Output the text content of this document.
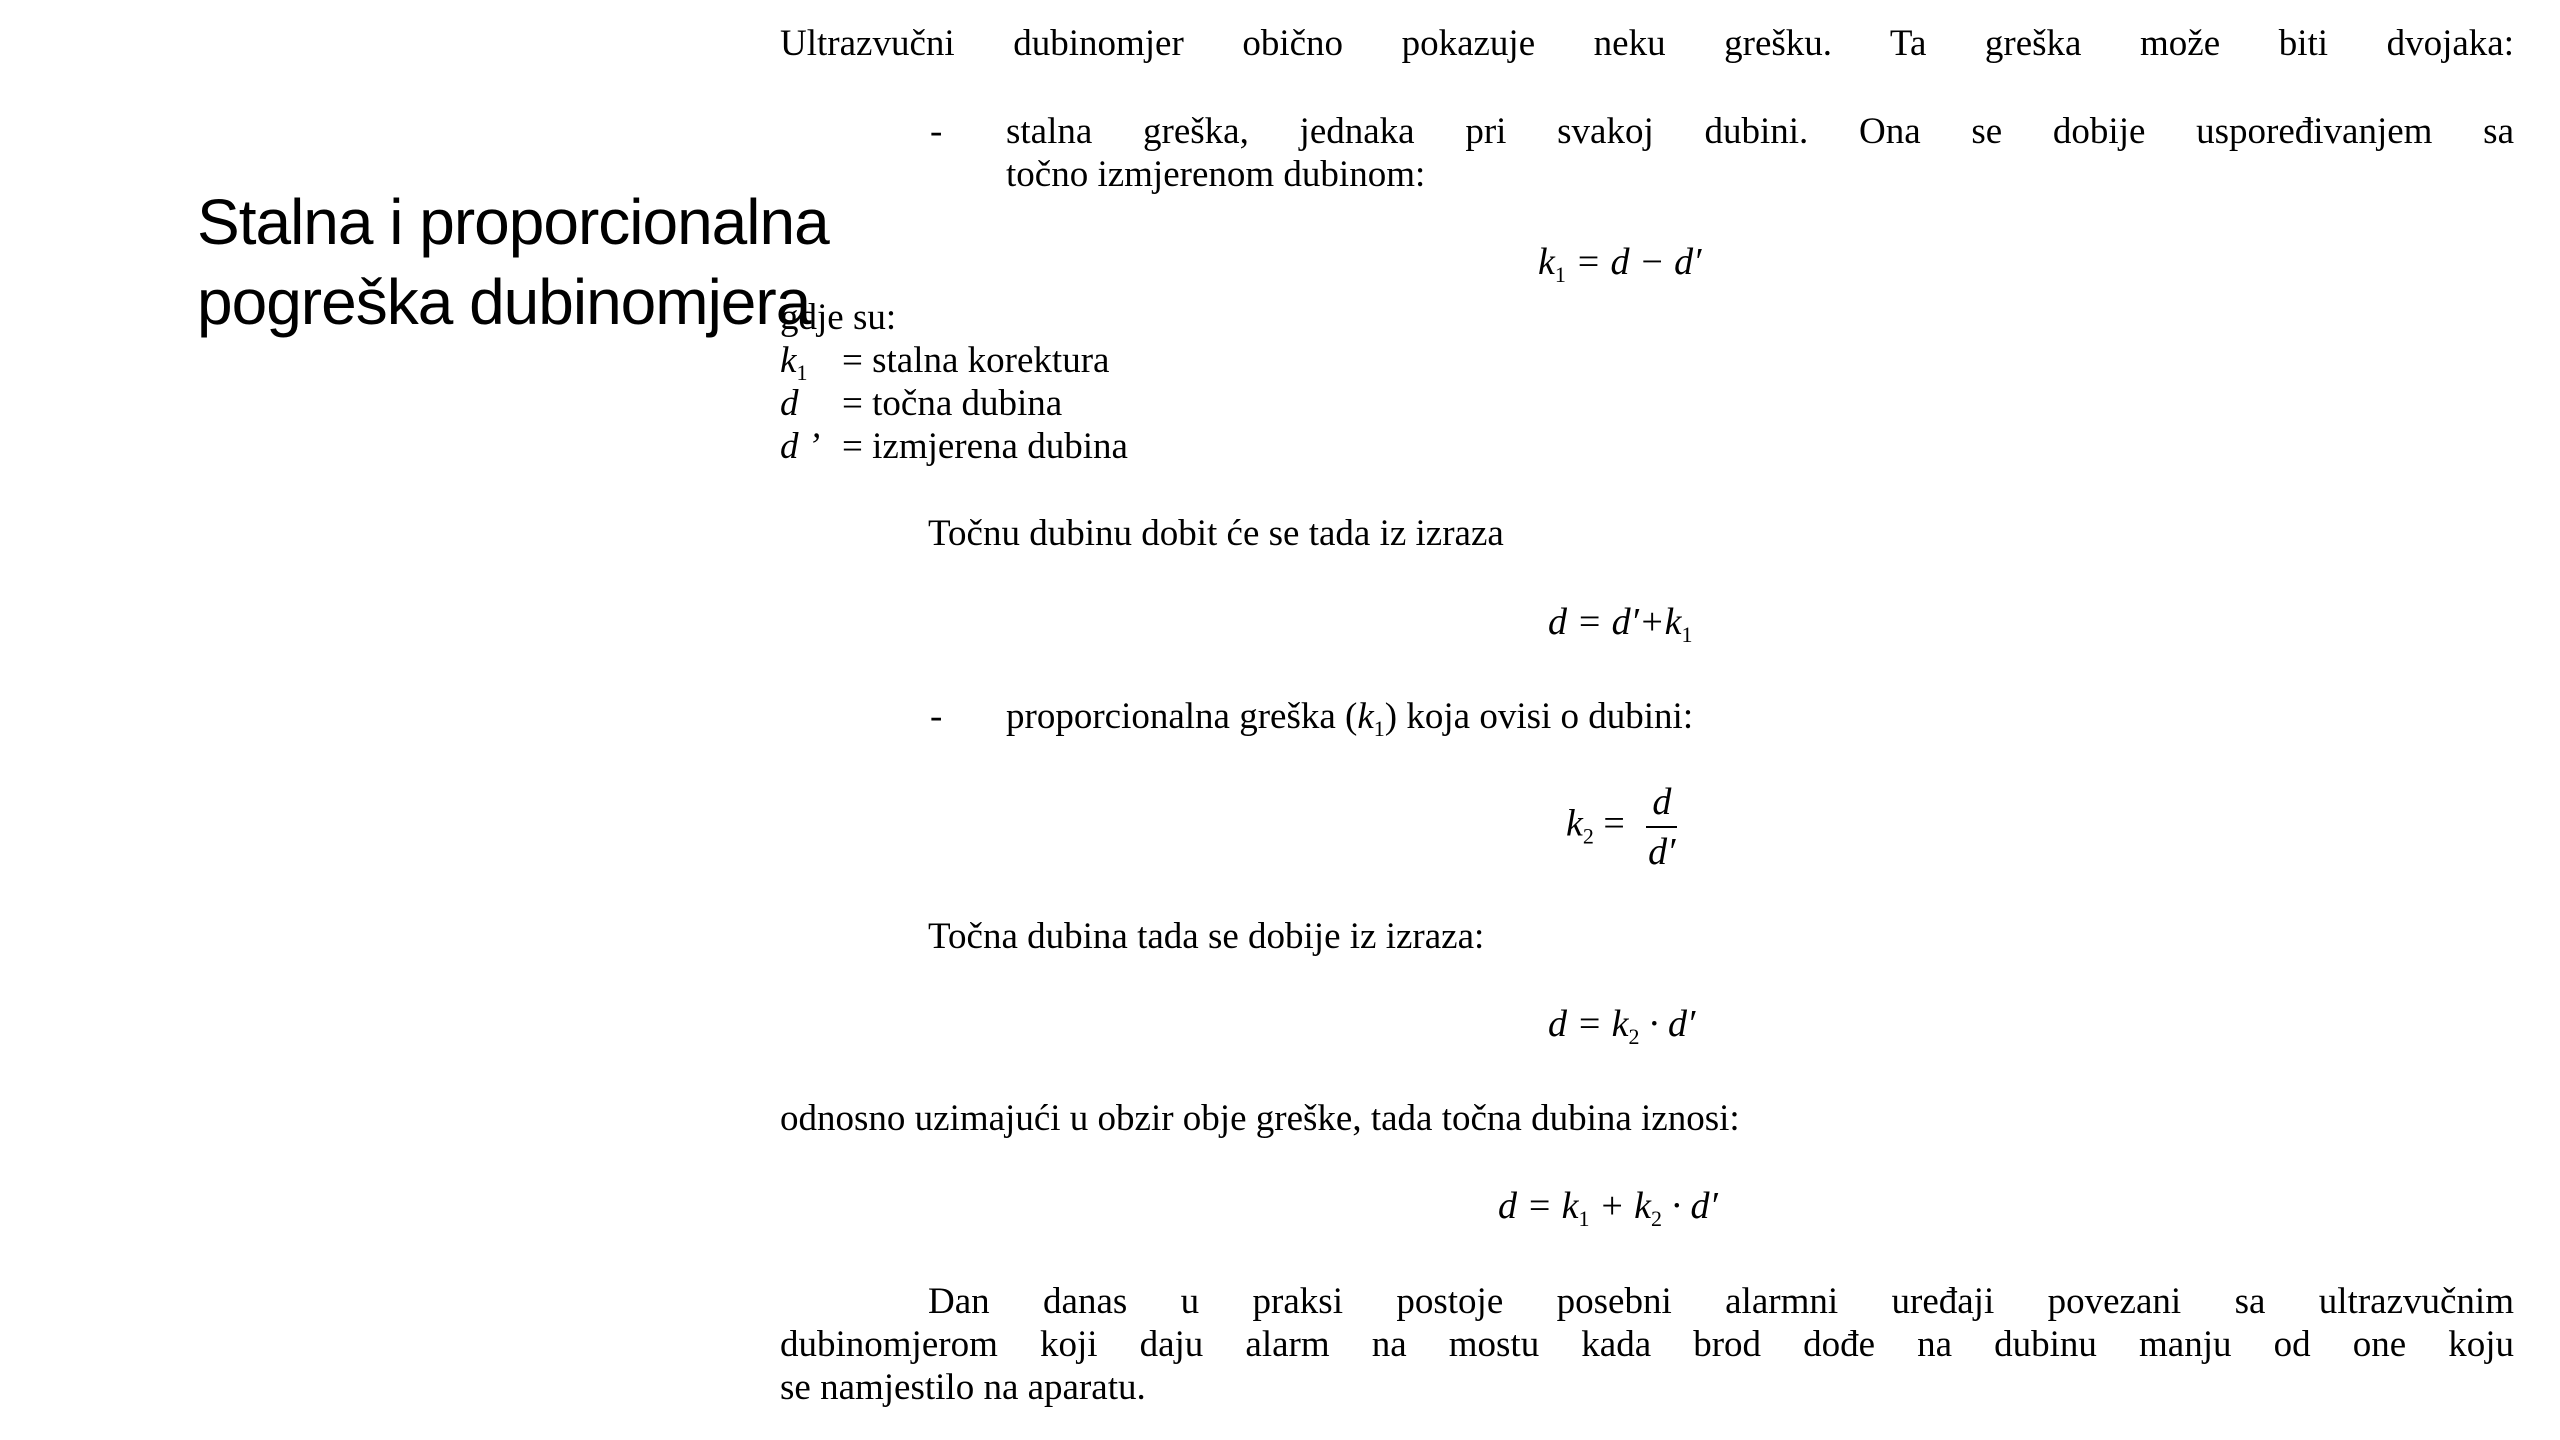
Stalna i proporcionalna
pogreška dubinomjera
Ultrazvučni dubinomjer obično pokazuje neku grešku. Ta greška može biti dvojaka:
- stalna greška, jednaka pri svakoj dubini. Ona se dobije uspoređivanjem sa
točno izmjerenom dubinom:
$k_1 = d - d'$
gdje su:
$k_1 = stalna$ korektura
d = točna dubina
d ’ = izmjerena dubina
Točnu dubinu dobit će se tada iz izraza
$d = d'+k_1$
- proporcionalna greška $(k_1)$ koja ovisi o dubini:
$k_2 = \frac{d}{d'}$
Točna dubina tada se dobije iz izraza:
$d = k_2 \cdot d'$
odnosno uzimajući u obzir obje greške, tada točna dubina iznosi:
$d = k_1 + k_2 \cdot d'$
Dan danas u praksi postoje posebni alarmni uređaji povezani sa ultrazvučnim
dubinomjerom koji daju alarm na mostu kada brod dođe na dubinu manju od one koju
se namjestilo na aparatu.
